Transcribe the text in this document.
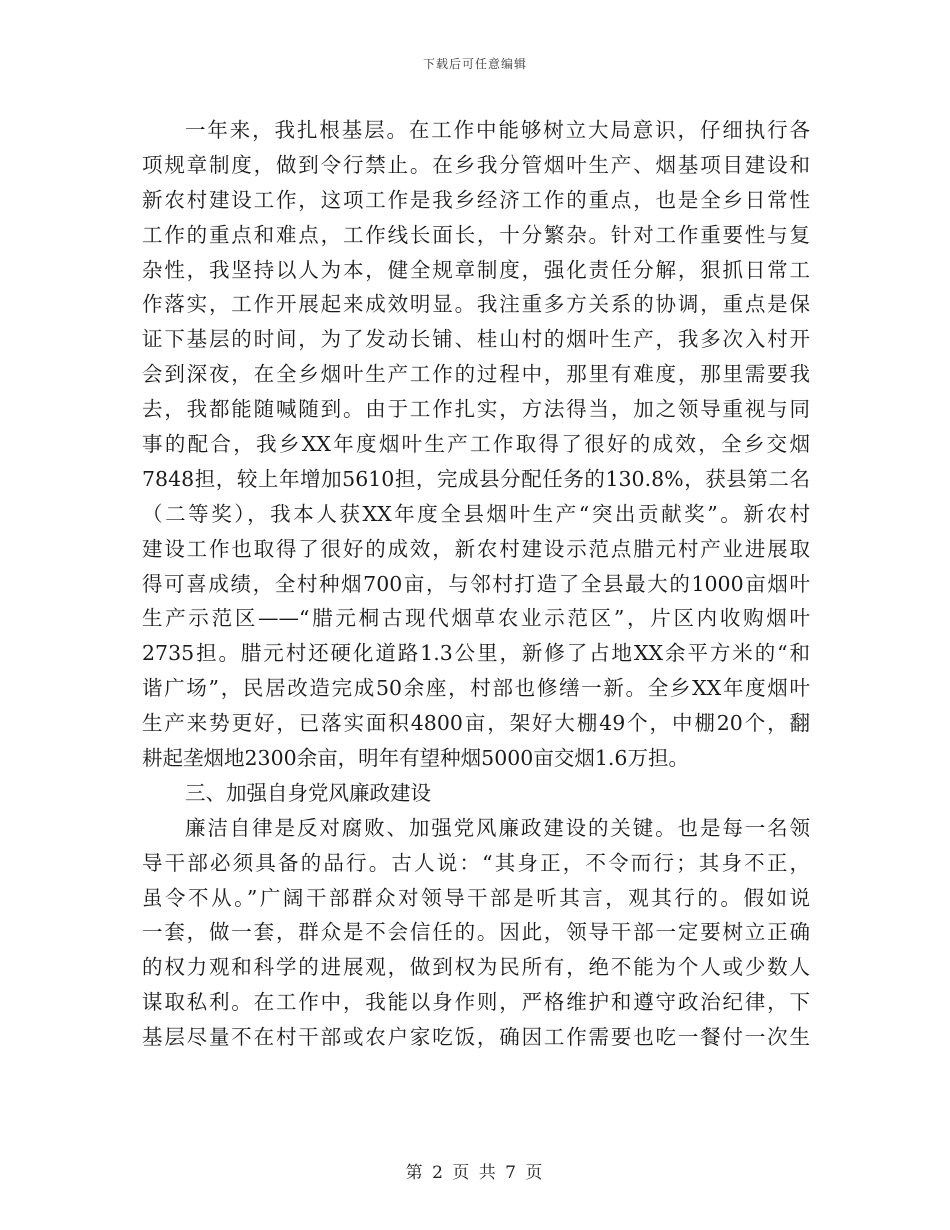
下载后可任意编辑
一年来，我扎根基层。在工作中能够树立大局意识，仔细执行各
项规章制度，做到令行禁止。在乡我分管烟叶生产、烟基项目建设和
新农村建设工作，这项工作是我乡经济工作的重点，也是全乡日常性
工作的重点和难点，工作线长面长，十分繁杂。针对工作重要性与复
杂性，我坚持以人为本，健全规章制度，强化责任分解，狠抓日常工
作落实，工作开展起来成效明显。我注重多方关系的协调，重点是保
证下基层的时间，为了发动长铺、桂山村的烟叶生产，我多次入村开
会到深夜，在全乡烟叶生产工作的过程中，那里有难度，那里需要我
去，我都能随喊随到。由于工作扎实，方法得当，加之领导重视与同
事的配合，我乡XX年度烟叶生产工作取得了很好的成效，全乡交烟
7848担，较上年增加5610担，完成县分配任务的130.8%，获县第二名
（二等奖），我本人获XX年度全县烟叶生产“突出贡献奖”。新农村
建设工作也取得了很好的成效，新农村建设示范点腊元村产业进展取
得可喜成绩，全村种烟700亩，与邻村打造了全县最大的1000亩烟叶
生产示范区——“腊元桐古现代烟草农业示范区”，片区内收购烟叶
2735担。腊元村还硬化道路1.3公里，新修了占地XX余平方米的“和
谐广场”，民居改造完成50余座，村部也修缮一新。全乡XX年度烟叶
生产来势更好，已落实面积4800亩，架好大棚49个，中棚20个，翻
耕起垄烟地2300余亩，明年有望种烟5000亩交烟1.6万担。
三、加强自身党风廉政建设
廉洁自律是反对腐败、加强党风廉政建设的关键。也是每一名领
导干部必须具备的品行。古人说：“其身正，不令而行；其身不正，
虽令不从。”广阔干部群众对领导干部是听其言，观其行的。假如说
一套，做一套，群众是不会信任的。因此，领导干部一定要树立正确
的权力观和科学的进展观，做到权为民所有，绝不能为个人或少数人
谋取私利。在工作中，我能以身作则，严格维护和遵守政治纪律，下
基层尽量不在村干部或农户家吃饭，确因工作需要也吃一餐付一次生
第 2 页 共 7 页
